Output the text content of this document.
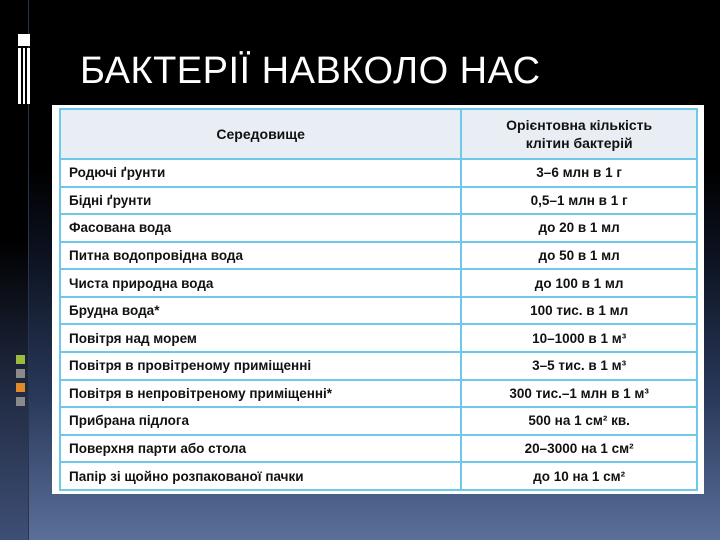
БАКТЕРІЇ НАВКОЛО НАС
Середовище	Орієнтовна кількість
клітин бактерій

Родючі ґрунти	3–6 млн в 1 г
Бідні ґрунти	0,5–1 млн в 1 г
Фасована вода	до 20 в 1 мл
Питна водопровідна вода	до 50 в 1 мл
Чиста природна вода	до 100 в 1 мл
Брудна вода*	100 тис. в 1 мл
Повітря над морем	10–1000 в 1 м³
Повітря в провітреному приміщенні	3–5 тис. в 1 м³
Повітря в непровітреному приміщенні*	300 тис.–1 млн в 1 м³
Прибрана підлога	500 на 1 см² кв.
Поверхня парти або стола	20–3000 на 1 см²
Папір зі щойно розпакованої пачки	до 10 на 1 см²
